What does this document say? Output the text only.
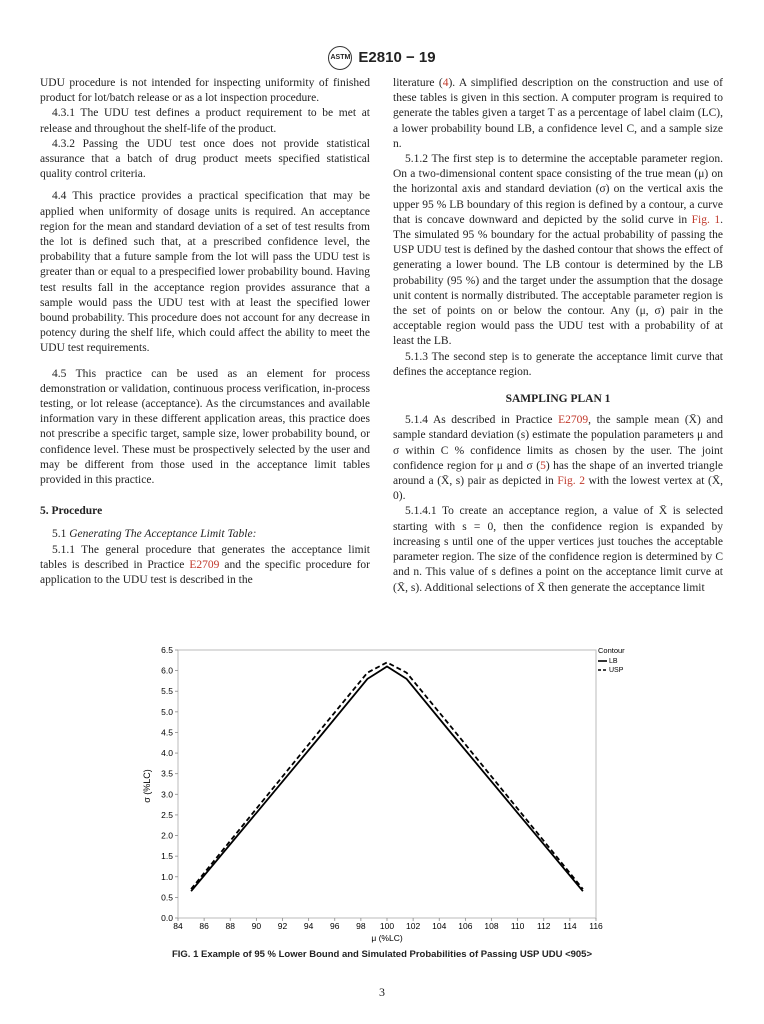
ASTM E2810 − 19

UDU procedure is not intended for inspecting uniformity of finished product for lot/batch release or as a lot inspection procedure.

4.3.1 The UDU test defines a product requirement to be met at release and throughout the shelf-life of the product.

4.3.2 Passing the UDU test once does not provide statistical assurance that a batch of drug product meets specified statistical quality control criteria.

4.4 This practice provides a practical specification that may be applied when uniformity of dosage units is required. An acceptance region for the mean and standard deviation of a set of test results from the lot is defined such that, at a prescribed confidence level, the probability that a future sample from the lot will pass the UDU test is greater than or equal to a prespecified lower probability bound. Having test results fall in the acceptance region provides assurance that a sample would pass the UDU test with at least the specified lower bound probability. This procedure does not account for any decrease in potency during the shelf life, which could affect the ability to meet the UDU test requirements.

4.5 This practice can be used as an element for process demonstration or validation, continuous process verification, in-process testing, or lot release (acceptance). As the circumstances and available information vary in these different application areas, this practice does not prescribe a specific target, sample size, lower probability bound, or confidence level. These must be prospectively selected by the user and may be different from those used in the acceptance limit tables provided in this practice.

5. Procedure

5.1 Generating The Acceptance Limit Table:

5.1.1 The general procedure that generates the acceptance limit tables is described in Practice E2709 and the specific procedure for application to the UDU test is described in the

literature (4). A simplified description on the construction and use of these tables is given in this section. A computer program is required to generate the tables given a target T as a percentage of label claim (LC), a lower probability bound LB, a confidence level C, and a sample size n.

5.1.2 The first step is to determine the acceptable parameter region. On a two-dimensional content space consisting of the true mean (μ) on the horizontal axis and standard deviation (σ) on the vertical axis the upper 95 % LB boundary of this region is defined by a contour, a curve that is concave downward and depicted by the solid curve in Fig. 1. The simulated 95 % boundary for the actual probability of passing the USP UDU test is defined by the dashed contour that shows the effect of generating a lower bound. The LB contour is determined by the LB probability (95 %) and the target under the assumption that the dosage unit content is normally distributed. The acceptable parameter region is the set of points on or below the contour. Any (μ, σ) pair in the acceptable region would pass the UDU test with a probability of at least the LB.

5.1.3 The second step is to generate the acceptance limit curve that defines the acceptance region.

SAMPLING PLAN 1

5.1.4 As described in Practice E2709, the sample mean (X̄) and sample standard deviation (s) estimate the population parameters μ and σ within C % confidence limits as chosen by the user. The joint confidence region for μ and σ (5) has the shape of an inverted triangle around a (X̄, s) pair as depicted in Fig. 2 with the lowest vertex at (X̄, 0).

5.1.4.1 To create an acceptance region, a value of X̄ is selected starting with s = 0, then the confidence region is expanded by increasing s until one of the upper vertices just touches the acceptable parameter region. The size of the confidence region is determined by C and n. This value of s defines a point on the acceptance limit curve at (X̄, s). Additional selections of X̄ then generate the acceptance limit

0.0
0.5
1.0
1.5
2.0
2.5
3.0
3.5
4.0
4.5
5.0
5.5
6.0
6.5
84 86 88 90 92 94 96 98 100 102 104 106 108 110 112 114 116
σ (%LC)
μ (%LC)
Contour
LB
USP
FIG. 1 Example of 95 % Lower Bound and Simulated Probabilities of Passing USP UDU <905>
3
